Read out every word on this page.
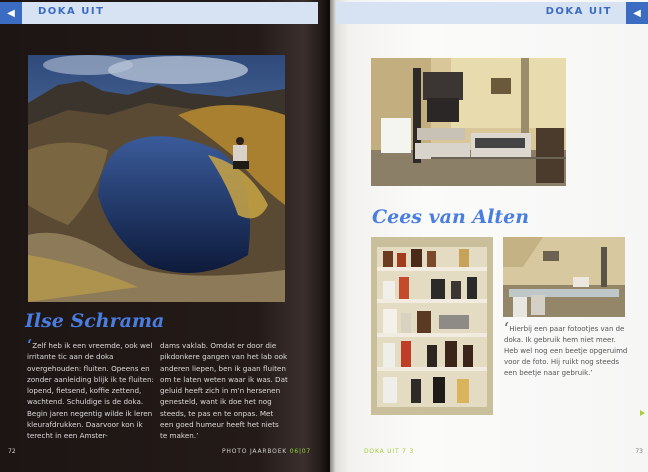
◀	DOKA UIT
Ilse Schrama

‘Zelf heb ik een vreemde, ook wel irritante tic aan de doka overgehouden: fluiten. Opeens en zonder aanleiding blijk ik te fluiten: lopend, fietsend, koffie zettend, wachtend. Schuldige is de doka. Begin jaren negentig wilde ik leren kleurafdrukken. Daarvoor kon ik terecht in een Amster-

dams vaklab. Omdat er door die pikdonkere gangen van het lab ook anderen liepen, ben ik gaan fluiten om te laten weten waar ik was. Dat geluid heeft zich in m'n hersenen genesteld, want ik doe het nog steeds, te pas en te onpas. Met een goed humeur heeft het niets te maken.’

72	PHOTO JAARBOEK 06|07
DOKA UIT	◀
Cees van Alten

‘Hierbij een paar fotootjes van de doka. Ik gebruik hem niet meer. Heb wel nog een beetje opgeruimd voor de foto. Hij ruikt nog steeds een beetje naar gebruik.’

DOKA UIT 7 3	73
